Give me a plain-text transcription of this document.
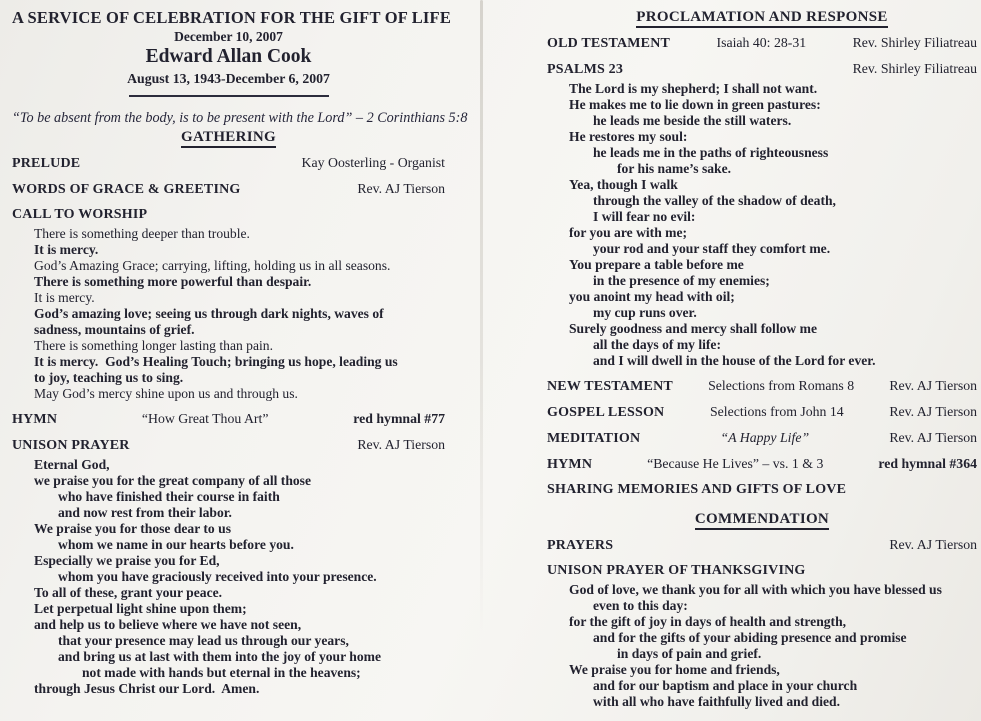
A SERVICE OF CELEBRATION FOR THE GIFT OF LIFE
December 10, 2007
Edward Allan Cook
August 13, 1943-December 6, 2007
“To be absent from the body, is to be present with the Lord” – 2 Corinthians 5:8
GATHERING
PRELUDE	Kay Oosterling - Organist
WORDS OF GRACE & GREETING	Rev. AJ Tierson
CALL TO WORSHIP
There is something deeper than trouble.
It is mercy.
God’s Amazing Grace; carrying, lifting, holding us in all seasons.
There is something more powerful than despair.
It is mercy.
God’s amazing love; seeing us through dark nights, waves of
sadness, mountains of grief.
There is something longer lasting than pain.
It is mercy.  God’s Healing Touch; bringing us hope, leading us
to joy, teaching us to sing.
May God’s mercy shine upon us and through us.
HYMN	“How Great Thou Art”	red hymnal #77
UNISON PRAYER	Rev. AJ Tierson
Eternal God,
we praise you for the great company of all those
who have finished their course in faith
and now rest from their labor.
We praise you for those dear to us
whom we name in our hearts before you.
Especially we praise you for Ed,
whom you have graciously received into your presence.
To all of these, grant your peace.
Let perpetual light shine upon them;
and help us to believe where we have not seen,
that your presence may lead us through our years,
and bring us at last with them into the joy of your home
not made with hands but eternal in the heavens;
through Jesus Christ our Lord.  Amen.
PROCLAMATION AND RESPONSE
OLD TESTAMENT	Isaiah 40: 28-31	Rev. Shirley Filiatreau
PSALMS 23	Rev. Shirley Filiatreau
The Lord is my shepherd; I shall not want.
He makes me to lie down in green pastures:
he leads me beside the still waters.
He restores my soul:
he leads me in the paths of righteousness
for his name’s sake.
Yea, though I walk
through the valley of the shadow of death,
I will fear no evil:
for you are with me;
your rod and your staff they comfort me.
You prepare a table before me
in the presence of my enemies;
you anoint my head with oil;
my cup runs over.
Surely goodness and mercy shall follow me
all the days of my life:
and I will dwell in the house of the Lord for ever.
NEW TESTAMENT	Selections from Romans 8	Rev. AJ Tierson
GOSPEL LESSON	Selections from John 14	Rev. AJ Tierson
MEDITATION	“A Happy Life”	Rev. AJ Tierson
HYMN	“Because He Lives” – vs. 1 & 3	red hymnal #364
SHARING MEMORIES AND GIFTS OF LOVE
COMMENDATION
PRAYERS	Rev. AJ Tierson
UNISON PRAYER OF THANKSGIVING
God of love, we thank you for all with which you have blessed us
even to this day:
for the gift of joy in days of health and strength,
and for the gifts of your abiding presence and promise
in days of pain and grief.
We praise you for home and friends,
and for our baptism and place in your church
with all who have faithfully lived and died.
